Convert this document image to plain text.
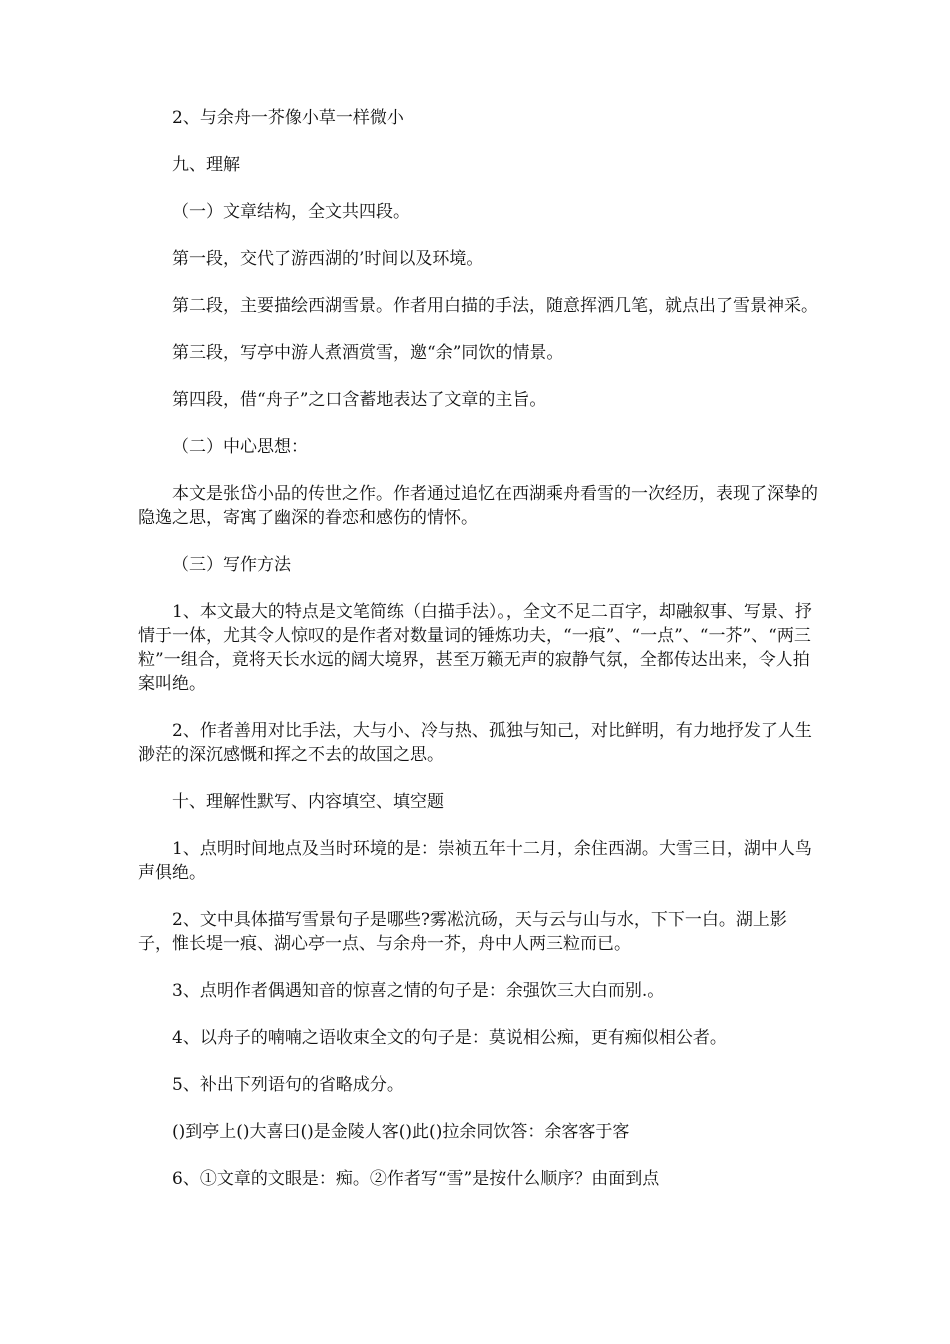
2、与余舟一芥像小草一样微小

九、理解

（一）文章结构，全文共四段。

第一段，交代了游西湖的’时间以及环境。

第二段，主要描绘西湖雪景。作者用白描的手法，随意挥洒几笔，就点出了雪景神采。

第三段，写亭中游人煮酒赏雪，邀“余”同饮的情景。

第四段，借“舟子”之口含蓄地表达了文章的主旨。

（二）中心思想：

本文是张岱小品的传世之作。作者通过追忆在西湖乘舟看雪的一次经历，表现了深挚的隐逸之思，寄寓了幽深的眷恋和感伤的情怀。

（三）写作方法

1、本文最大的特点是文笔简练（白描手法）。，全文不足二百字，却融叙事、写景、抒情于一体，尤其令人惊叹的是作者对数量词的锤炼功夫，“一痕”、“一点”、“一芥”、“两三粒”一组合，竟将天长水远的阔大境界，甚至万籁无声的寂静气氛，全都传达出来，令人拍案叫绝。

2、作者善用对比手法，大与小、冷与热、孤独与知己，对比鲜明，有力地抒发了人生渺茫的深沉感慨和挥之不去的故国之思。

十、理解性默写、内容填空、填空题

1、点明时间地点及当时环境的是：崇祯五年十二月，余住西湖。大雪三日，湖中人鸟声俱绝。

2、文中具体描写雪景句子是哪些?雾凇沆砀，天与云与山与水，下下一白。湖上影子，惟长堤一痕、湖心亭一点、与余舟一芥，舟中人两三粒而已。

3、点明作者偶遇知音的惊喜之情的句子是：余强饮三大白而别.。

4、以舟子的喃喃之语收束全文的句子是：莫说相公痴，更有痴似相公者。

5、补出下列语句的省略成分。

()到亭上()大喜曰()是金陵人客()此()拉余同饮答：余客客于客

6、①文章的文眼是：痴。②作者写“雪”是按什么顺序？由面到点
